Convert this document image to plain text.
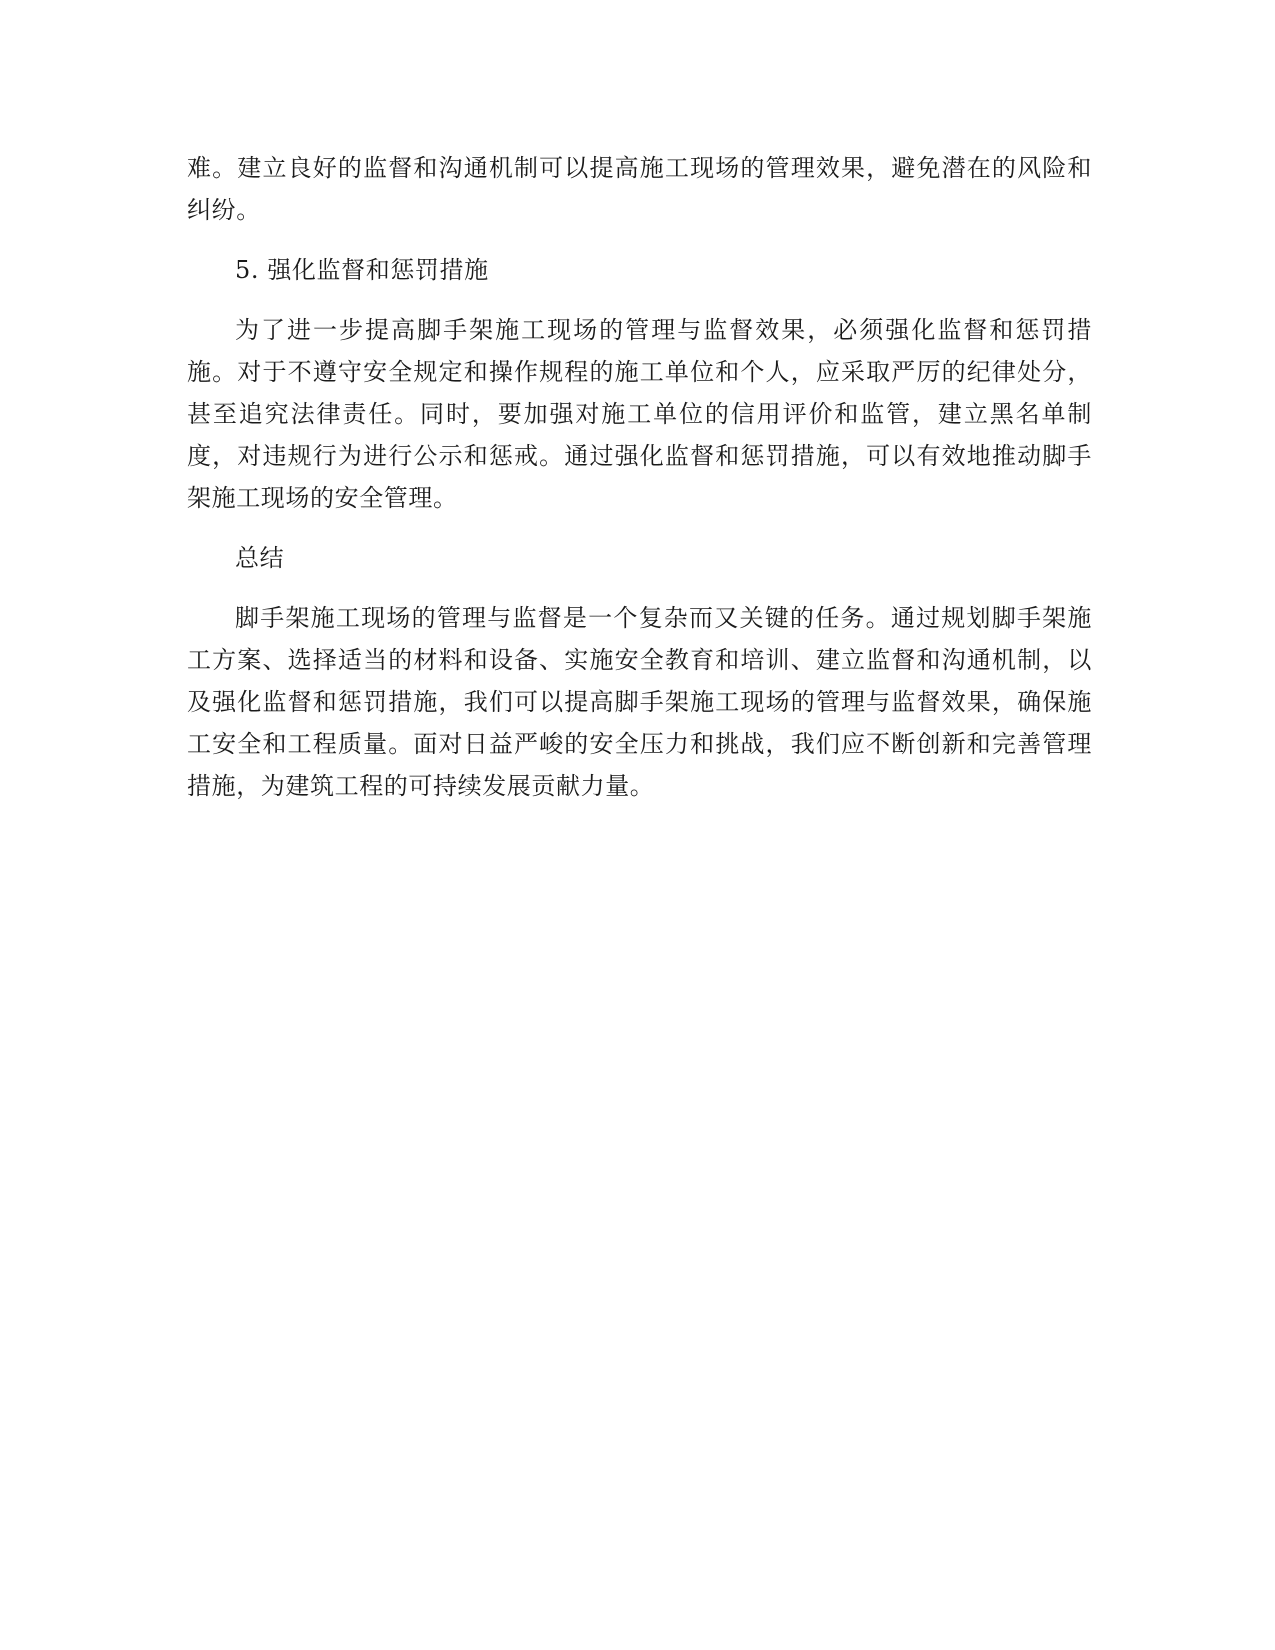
难。建立良好的监督和沟通机制可以提高施工现场的管理效果，避免潜在的风险和纠纷。

5. 强化监督和惩罚措施

为了进一步提高脚手架施工现场的管理与监督效果，必须强化监督和惩罚措施。对于不遵守安全规定和操作规程的施工单位和个人，应采取严厉的纪律处分，甚至追究法律责任。同时，要加强对施工单位的信用评价和监管，建立黑名单制度，对违规行为进行公示和惩戒。通过强化监督和惩罚措施，可以有效地推动脚手架施工现场的安全管理。

总结

脚手架施工现场的管理与监督是一个复杂而又关键的任务。通过规划脚手架施工方案、选择适当的材料和设备、实施安全教育和培训、建立监督和沟通机制，以及强化监督和惩罚措施，我们可以提高脚手架施工现场的管理与监督效果，确保施工安全和工程质量。面对日益严峻的安全压力和挑战，我们应不断创新和完善管理措施，为建筑工程的可持续发展贡献力量。
